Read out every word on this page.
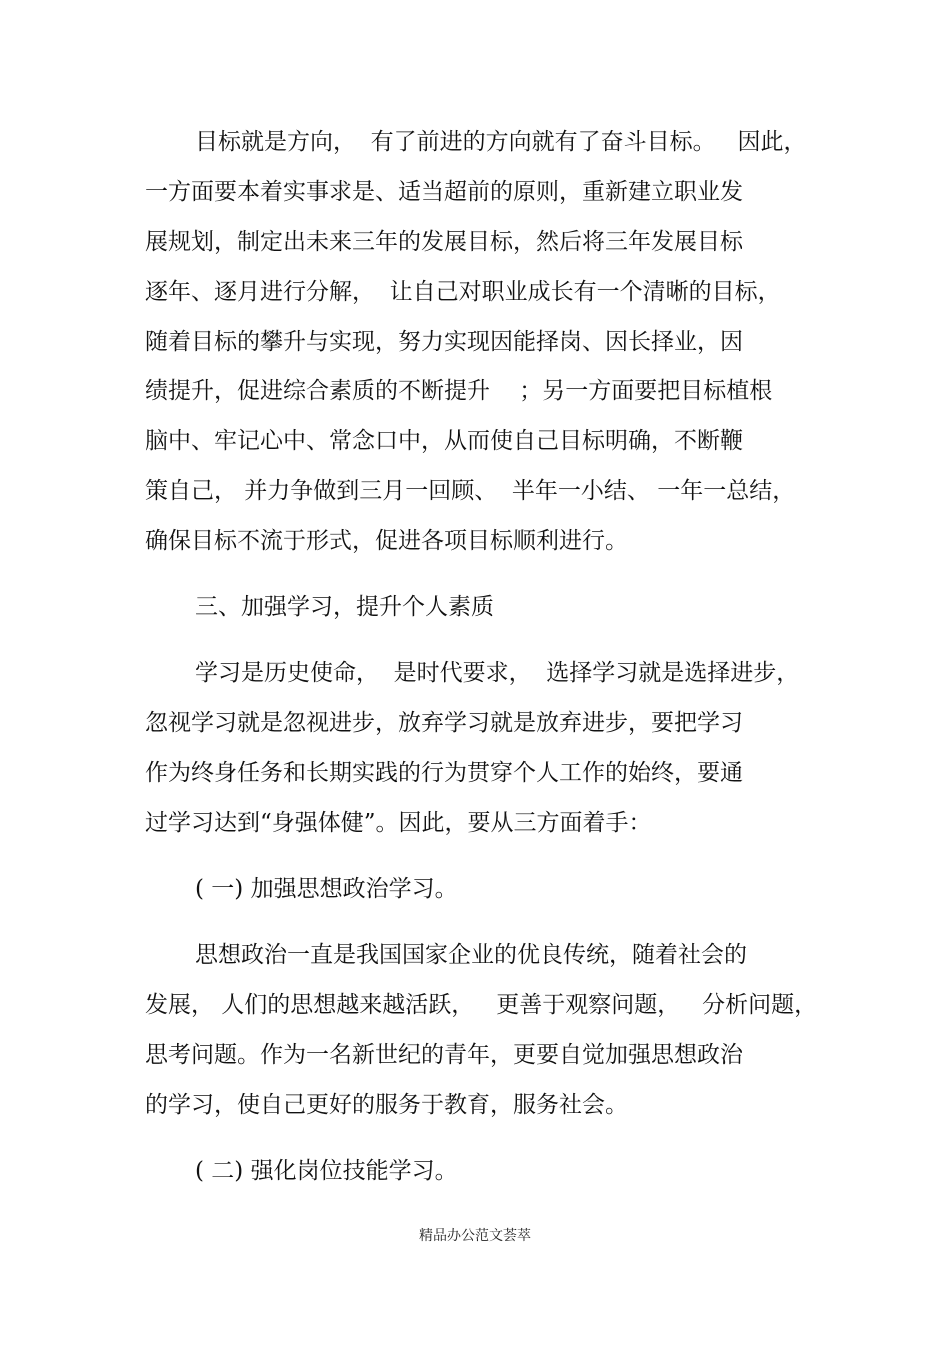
目标就是方向，  有了前进的方向就有了奋斗目标。   因此，
一方面要本着实事求是、适当超前的原则，重新建立职业发
展规划，制定出未来三年的发展目标，然后将三年发展目标
逐年、逐月进行分解，  让自己对职业成长有一个清晰的目标，
随着目标的攀升与实现，努力实现因能择岗、因长择业，因
绩提升，促进综合素质的不断提升    ；另一方面要把目标植根
脑中、牢记心中、常念口中，从而使自己目标明确，不断鞭
策自己， 并力争做到三月一回顾、  半年一小结、 一年一总结，
确保目标不流于形式，促进各项目标顺利进行。
三、加强学习，提升个人素质
学习是历史使命，  是时代要求，  选择学习就是选择进步，
忽视学习就是忽视进步，放弃学习就是放弃进步，要把学习
作为终身任务和长期实践的行为贯穿个人工作的始终，要通
过学习达到“身强体健”。因此，要从三方面着手：
( 一) 加强思想政治学习。
思想政治一直是我国国家企业的优良传统，随着社会的
发展， 人们的思想越来越活跃，   更善于观察问题，   分析问题，
思考问题。作为一名新世纪的青年，更要自觉加强思想政治
的学习，使自己更好的服务于教育，服务社会。
( 二) 强化岗位技能学习。
精品办公范文荟萃
